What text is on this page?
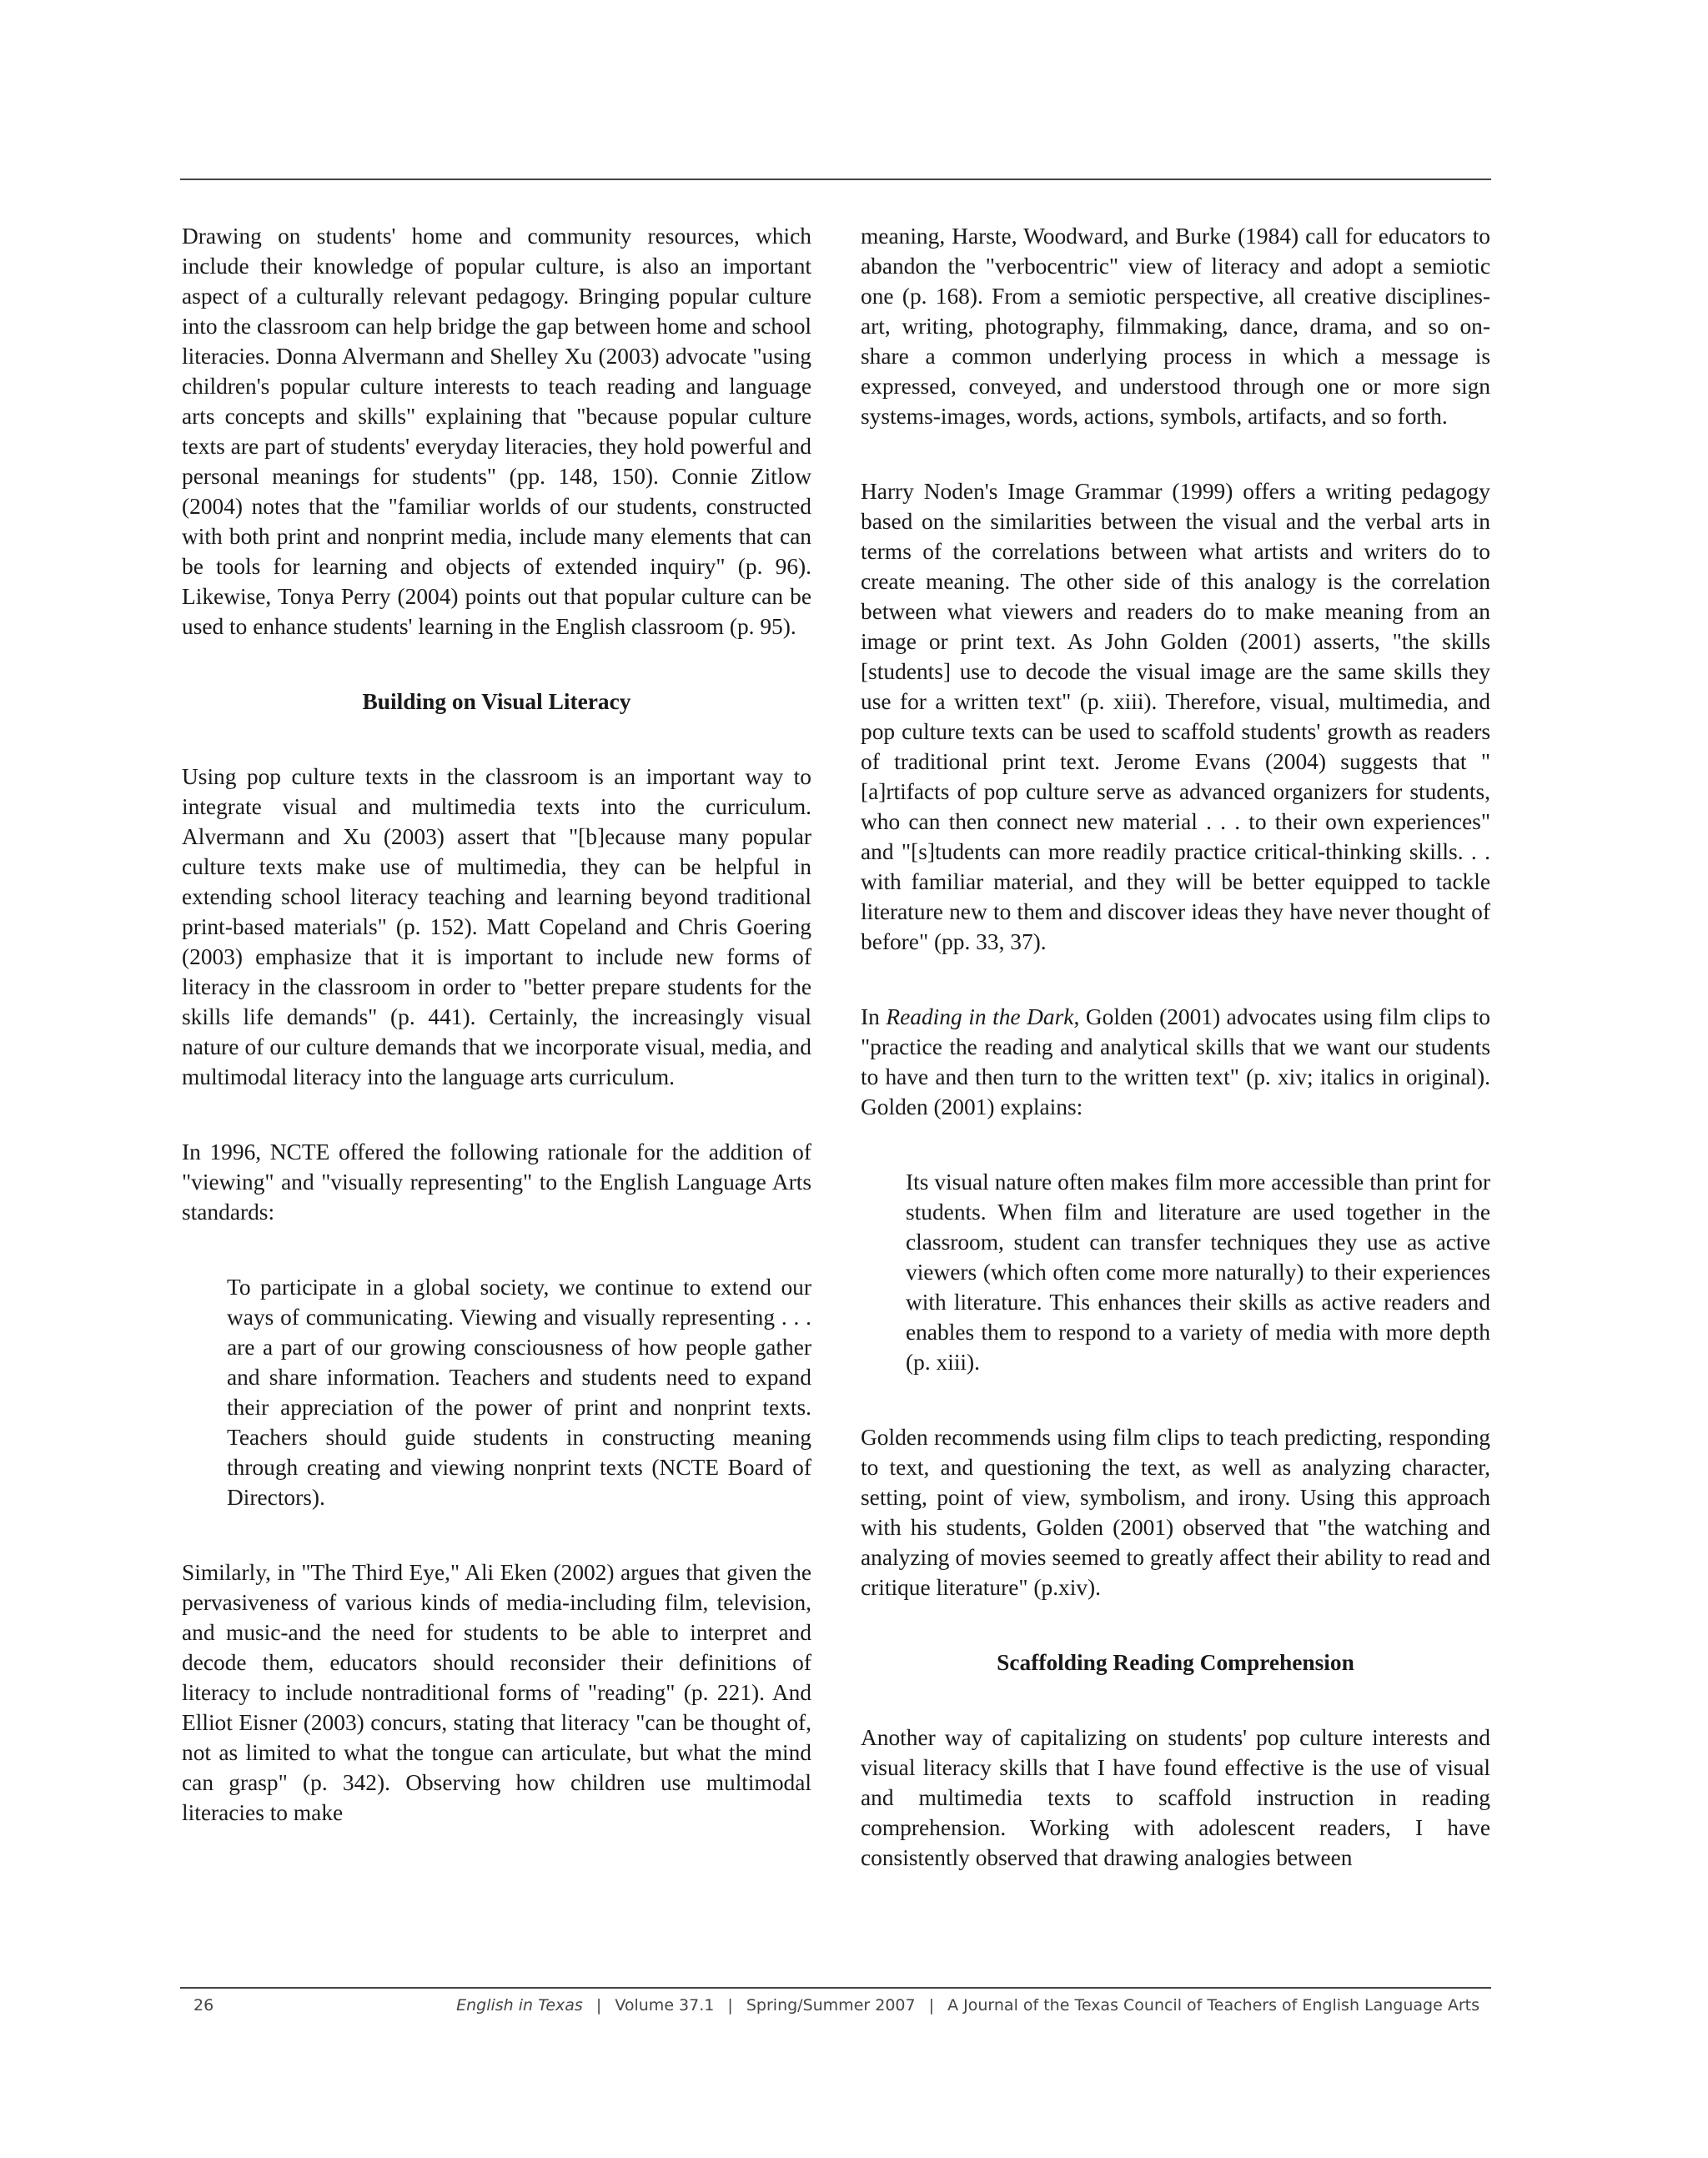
Drawing on students' home and community resources, which include their knowledge of popular culture, is also an important aspect of a culturally relevant pedagogy. Bringing popular culture into the classroom can help bridge the gap between home and school literacies. Donna Alvermann and Shelley Xu (2003) advocate "using children's popular culture interests to teach reading and language arts concepts and skills" explaining that "because popular culture texts are part of students' everyday literacies, they hold powerful and personal meanings for students" (pp. 148, 150). Connie Zitlow (2004) notes that the "familiar worlds of our students, constructed with both print and nonprint media, include many elements that can be tools for learning and objects of extended inquiry" (p. 96). Likewise, Tonya Perry (2004) points out that popular culture can be used to enhance students' learning in the English classroom (p. 95).

Building on Visual Literacy

Using pop culture texts in the classroom is an important way to integrate visual and multimedia texts into the curriculum. Alvermann and Xu (2003) assert that "[b]ecause many popular culture texts make use of multimedia, they can be helpful in extending school literacy teaching and learning beyond traditional print-based materials" (p. 152). Matt Copeland and Chris Goering (2003) emphasize that it is important to include new forms of literacy in the classroom in order to "better prepare students for the skills life demands" (p. 441). Certainly, the increasingly visual nature of our culture demands that we incorporate visual, media, and multimodal literacy into the language arts curriculum.

In 1996, NCTE offered the following rationale for the addition of "viewing" and "visually representing" to the English Language Arts standards:

To participate in a global society, we continue to extend our ways of communicating. Viewing and visually representing . . . are a part of our growing consciousness of how people gather and share information. Teachers and students need to expand their appreciation of the power of print and nonprint texts. Teachers should guide students in constructing meaning through creating and viewing nonprint texts (NCTE Board of Directors).

Similarly, in "The Third Eye," Ali Eken (2002) argues that given the pervasiveness of various kinds of media-including film, television, and music-and the need for students to be able to interpret and decode them, educators should reconsider their definitions of literacy to include nontraditional forms of "reading" (p. 221). And Elliot Eisner (2003) concurs, stating that literacy "can be thought of, not as limited to what the tongue can articulate, but what the mind can grasp" (p. 342). Observing how children use multimodal literacies to make

meaning, Harste, Woodward, and Burke (1984) call for educators to abandon the "verbocentric" view of literacy and adopt a semiotic one (p. 168). From a semiotic perspective, all creative disciplines-art, writing, photography, filmmaking, dance, drama, and so on-share a common underlying process in which a message is expressed, conveyed, and understood through one or more sign systems-images, words, actions, symbols, artifacts, and so forth.

Harry Noden's Image Grammar (1999) offers a writing pedagogy based on the similarities between the visual and the verbal arts in terms of the correlations between what artists and writers do to create meaning. The other side of this analogy is the correlation between what viewers and readers do to make meaning from an image or print text. As John Golden (2001) asserts, "the skills [students] use to decode the visual image are the same skills they use for a written text" (p. xiii). Therefore, visual, multimedia, and pop culture texts can be used to scaffold students' growth as readers of traditional print text. Jerome Evans (2004) suggests that "[a]rtifacts of pop culture serve as advanced organizers for students, who can then connect new material . . . to their own experiences" and "[s]tudents can more readily practice critical-thinking skills. . . with familiar material, and they will be better equipped to tackle literature new to them and discover ideas they have never thought of before" (pp. 33, 37).

In Reading in the Dark, Golden (2001) advocates using film clips to "practice the reading and analytical skills that we want our students to have and then turn to the written text" (p. xiv; italics in original). Golden (2001) explains:

Its visual nature often makes film more accessible than print for students. When film and literature are used together in the classroom, student can transfer techniques they use as active viewers (which often come more naturally) to their experiences with literature. This enhances their skills as active readers and enables them to respond to a variety of media with more depth (p. xiii).

Golden recommends using film clips to teach predicting, responding to text, and questioning the text, as well as analyzing character, setting, point of view, symbolism, and irony. Using this approach with his students, Golden (2001) observed that "the watching and analyzing of movies seemed to greatly affect their ability to read and critique literature" (p.xiv).

Scaffolding Reading Comprehension

Another way of capitalizing on students' pop culture interests and visual literacy skills that I have found effective is the use of visual and multimedia texts to scaffold instruction in reading comprehension. Working with adolescent readers, I have consistently observed that drawing analogies between

26	English in Texas | Volume 37.1 | Spring/Summer 2007 | A Journal of the Texas Council of Teachers of English Language Arts
